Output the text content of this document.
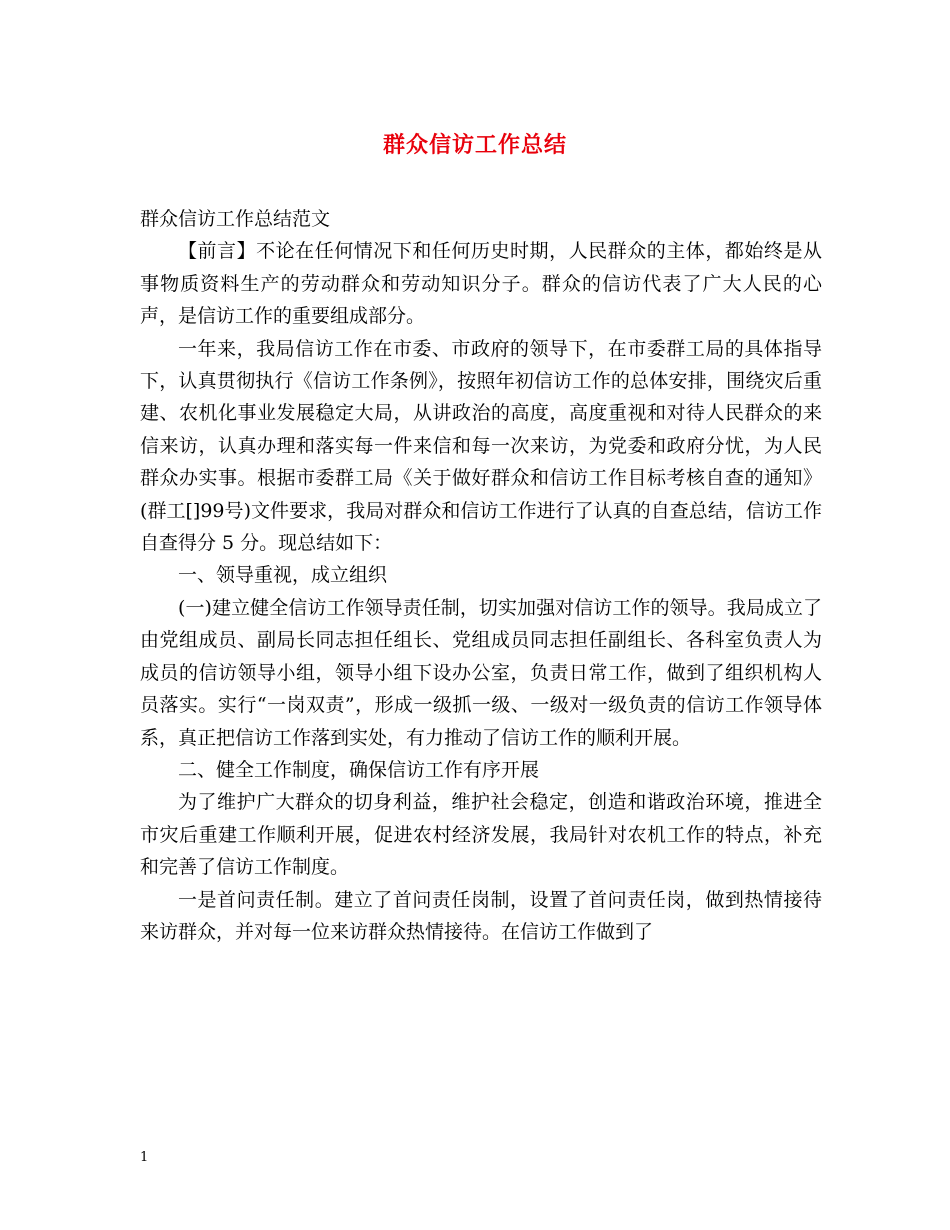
群众信访工作总结

群众信访工作总结范文

【前言】不论在任何情况下和任何历史时期，人民群众的主体，都始终是从事物质资料生产的劳动群众和劳动知识分子。群众的信访代表了广大人民的心声，是信访工作的重要组成部分。

一年来，我局信访工作在市委、市政府的领导下，在市委群工局的具体指导下，认真贯彻执行《信访工作条例》，按照年初信访工作的总体安排，围绕灾后重建、农机化事业发展稳定大局，从讲政治的高度，高度重视和对待人民群众的来信来访，认真办理和落实每一件来信和每一次来访，为党委和政府分忧，为人民群众办实事。根据市委群工局《关于做好群众和信访工作目标考核自查的通知》(群工[]99号)文件要求，我局对群众和信访工作进行了认真的自查总结，信访工作自查得分 5 分。现总结如下：

一、领导重视，成立组织

(一)建立健全信访工作领导责任制，切实加强对信访工作的领导。我局成立了由党组成员、副局长同志担任组长、党组成员同志担任副组长、各科室负责人为成员的信访领导小组，领导小组下设办公室，负责日常工作，做到了组织机构人员落实。实行“一岗双责”，形成一级抓一级、一级对一级负责的信访工作领导体系，真正把信访工作落到实处，有力推动了信访工作的顺利开展。

二、健全工作制度，确保信访工作有序开展

为了维护广大群众的切身利益，维护社会稳定，创造和谐政治环境，推进全市灾后重建工作顺利开展，促进农村经济发展，我局针对农机工作的特点，补充和完善了信访工作制度。

一是首问责任制。建立了首问责任岗制，设置了首问责任岗，做到热情接待来访群众，并对每一位来访群众热情接待。在信访工作做到了

1
